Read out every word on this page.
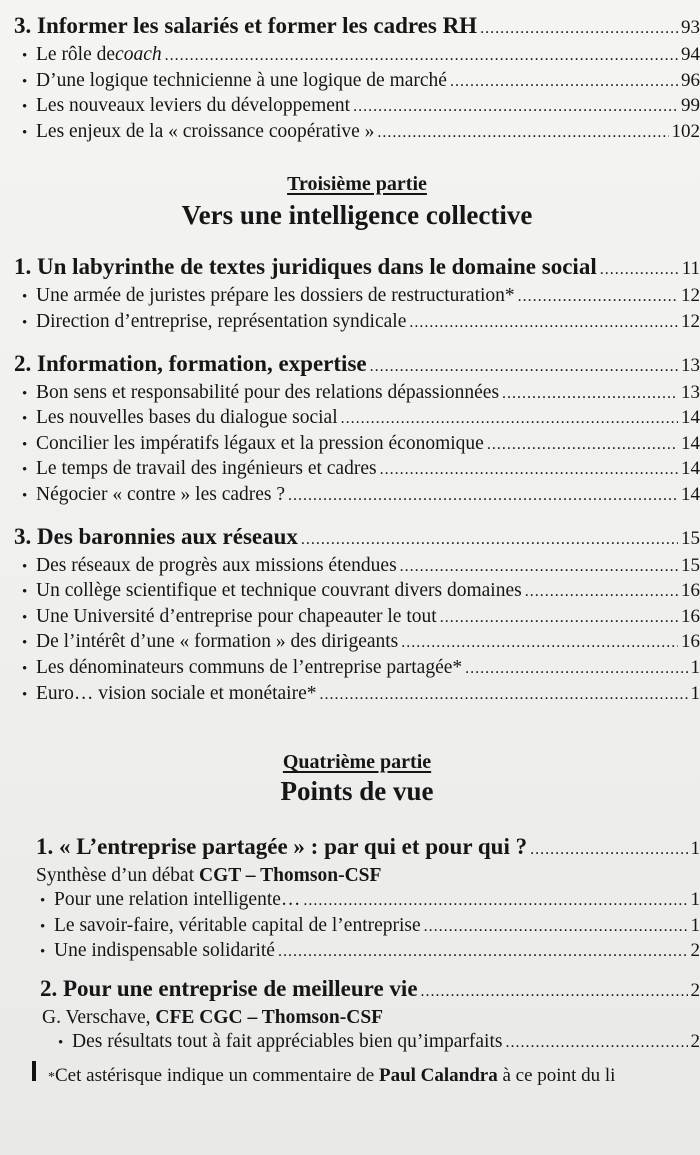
3. Informer les salariés et former les cadres RH .....	93
• Le rôle de coach .....	94
• D’une logique technicienne à une logique de marché .....	96
• Les nouveaux leviers du développement .....	99
• Les enjeux de la « croissance coopérative » .....	102
Troisième partie
Vers une intelligence collective
1. Un labyrinthe de textes juridiques dans le domaine social .....	11
• Une armée de juristes prépare les dossiers de restructuration* .....	12
• Direction d’entreprise, représentation syndicale .....	12
2. Information, formation, expertise .....	13
• Bon sens et responsabilité pour des relations dépassionnées .....	13
• Les nouvelles bases du dialogue social .....	14
• Concilier les impératifs légaux et la pression économique .....	14
• Le temps de travail des ingénieurs et cadres .....	14
• Négocier « contre » les cadres ? .....	14
3. Des baronnies aux réseaux .....	15
• Des réseaux de progrès aux missions étendues .....	15
• Un collège scientifique et technique couvrant divers domaines .....	16
• Une Université d’entreprise pour chapeauter le tout .....	16
• De l’intérêt d’une « formation » des dirigeants .....	16
• Les dénominateurs communs de l’entreprise partagée* .....	1
• Euro… vision sociale et monétaire* .....	1
Quatrième partie
Points de vue
1. « L’entreprise partagée » : par qui et pour qui ? .....	1
Synthèse d’un débat CGT – Thomson-CSF
• Pour une relation intelligente… .....	1
• Le savoir-faire, véritable capital de l’entreprise .....	1
• Une indispensable solidarité .....	2
2. Pour une entreprise de meilleure vie .....	2
G. Verschave, CFE CGC – Thomson-CSF
• Des résultats tout à fait appréciables bien qu’imparfaits .....	2
* Cet astérisque indique un commentaire de
Paul Calandra à ce point du li
